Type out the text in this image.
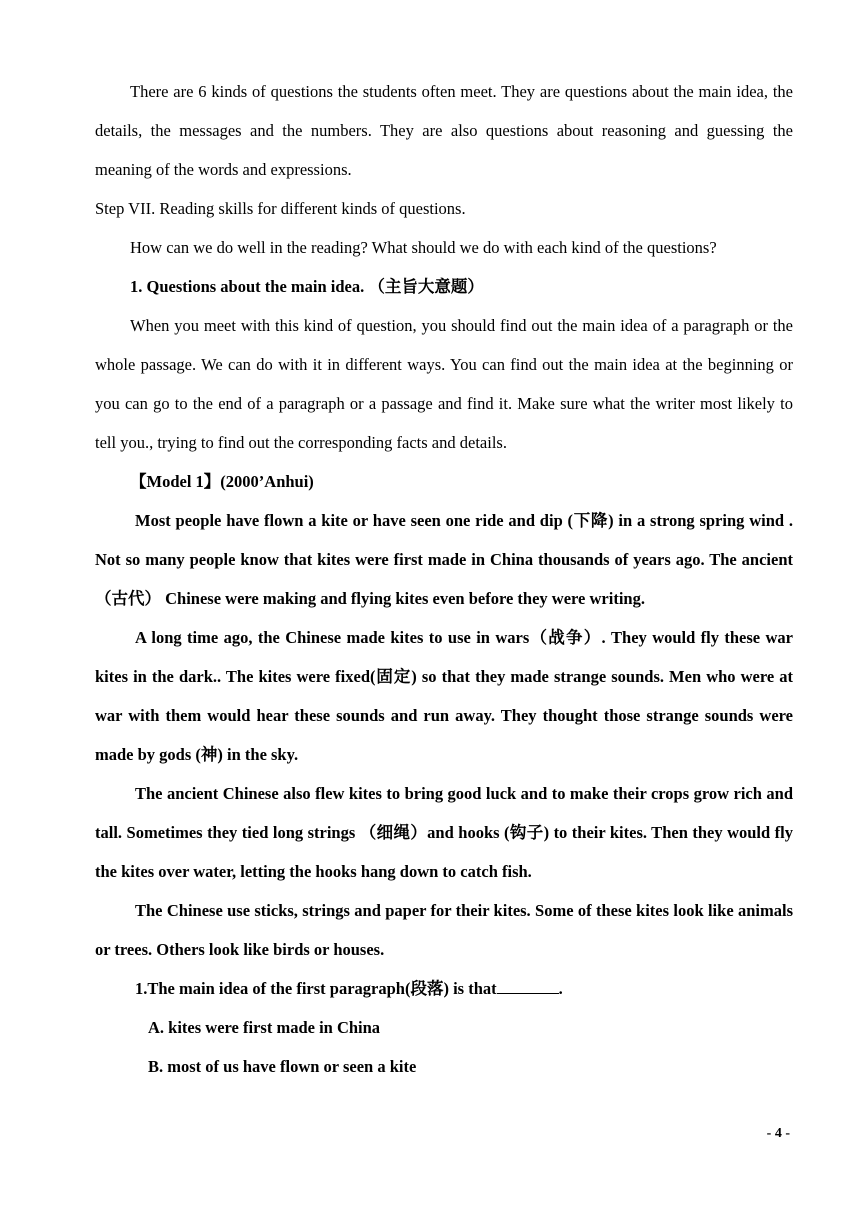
There are 6 kinds of questions the students often meet. They are questions about the main idea, the details, the messages and the numbers. They are also questions about reasoning and guessing the meaning of the words and expressions.

Step VII. Reading skills for different kinds of questions.

How can we do well in the reading? What should we do with each kind of the questions?

1. Questions about the main idea. （主旨大意题）

When you meet with this kind of question, you should find out the main idea of a paragraph or the whole passage. We can do with it in different ways. You can find out the main idea at the beginning or you can go to the end of a paragraph or a passage and find it. Make sure what the writer most likely to tell you., trying to find out the corresponding facts and details.

【Model 1】(2000’Anhui)

Most people have flown a kite or have seen one ride and dip (下降) in a strong spring wind . Not so many people know that kites were first made in China thousands of years ago. The ancient（古代） Chinese were making and flying kites even before they were writing.

A long time ago, the Chinese made kites to use in wars（战争）. They would fly these war kites in the dark.. The kites were fixed(固定) so that they made strange sounds. Men who were at war with them would hear these sounds and run away. They thought those strange sounds were made by gods (神) in the sky.

The ancient Chinese also flew kites to bring good luck and to make their crops grow rich and tall. Sometimes they tied long strings （细绳）and hooks (钩子) to their kites. Then they would fly the kites over water, letting the hooks hang down to catch fish.

The Chinese use sticks, strings and paper for their kites. Some of these kites look like animals or trees. Others look like birds or houses.

1.The main idea of the first paragraph(段落) is that	.

A. kites were first made in China

B. most of us have flown or seen a kite

- 4 -
